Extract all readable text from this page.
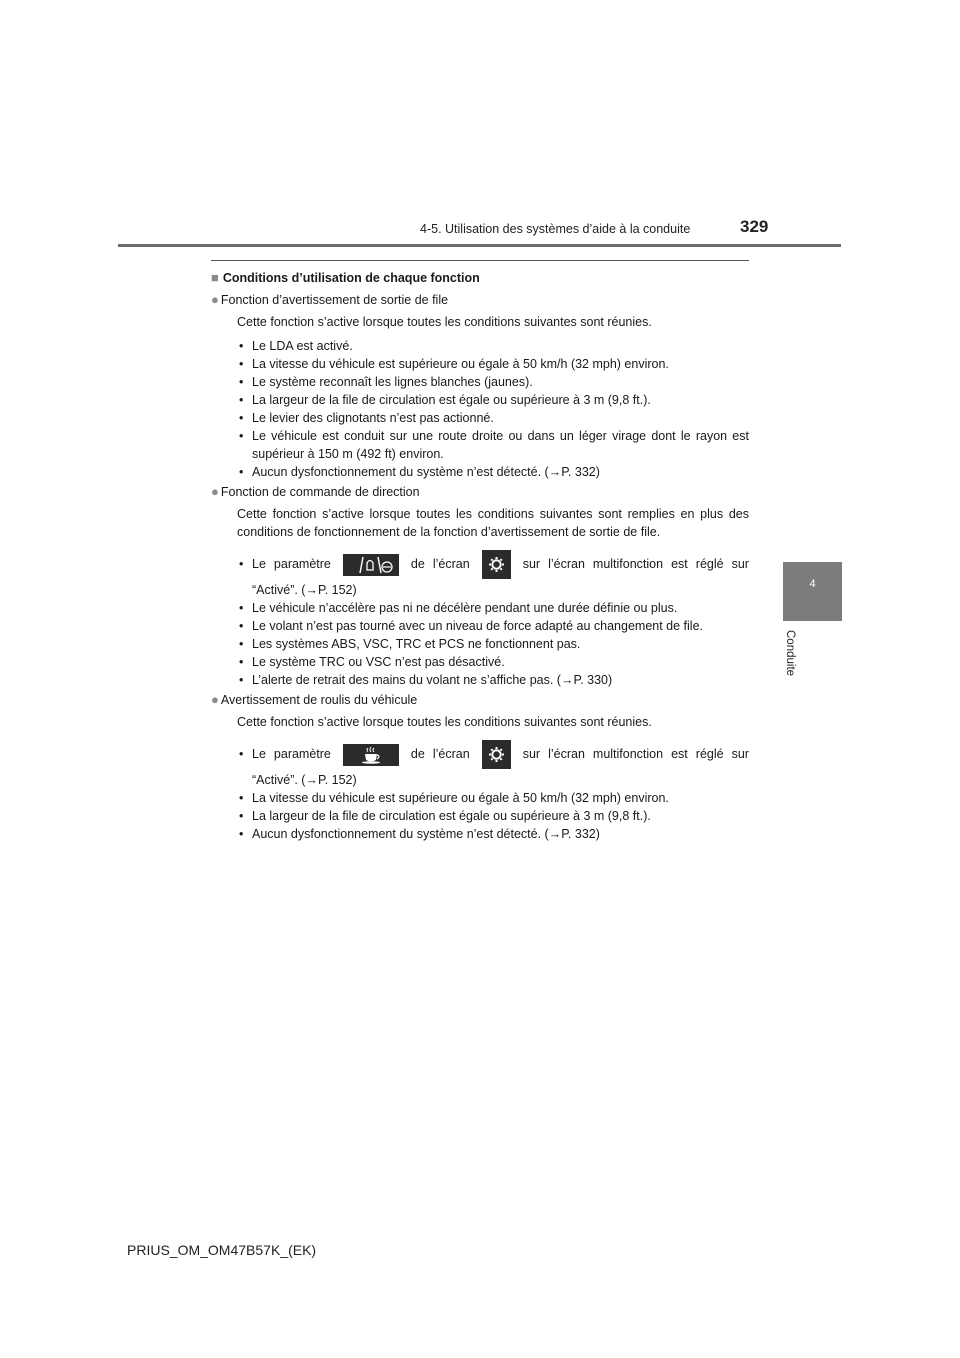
4-5. Utilisation des systèmes d’aide à la conduite	329
4
Conduite
■ Conditions d’utilisation de chaque fonction
● Fonction d’avertissement de sortie de file

Cette fonction s’active lorsque toutes les conditions suivantes sont réunies.

• Le LDA est activé.
• La vitesse du véhicule est supérieure ou égale à 50 km/h (32 mph) environ.
• Le système reconnaît les lignes blanches (jaunes).
• La largeur de la file de circulation est égale ou supérieure à 3 m (9,8 ft.).
• Le levier des clignotants n’est pas actionné.
• Le véhicule est conduit sur une route droite ou dans un léger virage dont le rayon est supérieur à 150 m (492 ft) environ.
• Aucun dysfonctionnement du système n’est détecté. (→P. 332)
● Fonction de commande de direction

Cette fonction s’active lorsque toutes les conditions suivantes sont remplies en plus des conditions de fonctionnement de la fonction d’avertissement de sortie de file.

• Le paramètre	de l’écran	sur l’écran multifonction est réglé sur
“Activé”. (→P. 152)
• Le véhicule n’accélère pas ni ne décélère pendant une durée définie ou plus.
• Le volant n’est pas tourné avec un niveau de force adapté au changement de file.
• Les systèmes ABS, VSC, TRC et PCS ne fonctionnent pas.
• Le système TRC ou VSC n’est pas désactivé.
• L’alerte de retrait des mains du volant ne s’affiche pas. (→P. 330)
● Avertissement de roulis du véhicule

Cette fonction s’active lorsque toutes les conditions suivantes sont réunies.

• Le paramètre	de l’écran	sur l’écran multifonction est réglé sur
“Activé”. (→P. 152)
• La vitesse du véhicule est supérieure ou égale à 50 km/h (32 mph) environ.
• La largeur de la file de circulation est égale ou supérieure à 3 m (9,8 ft.).
• Aucun dysfonctionnement du système n’est détecté. (→P. 332)
PRIUS_OM_OM47B57K_(EK)
